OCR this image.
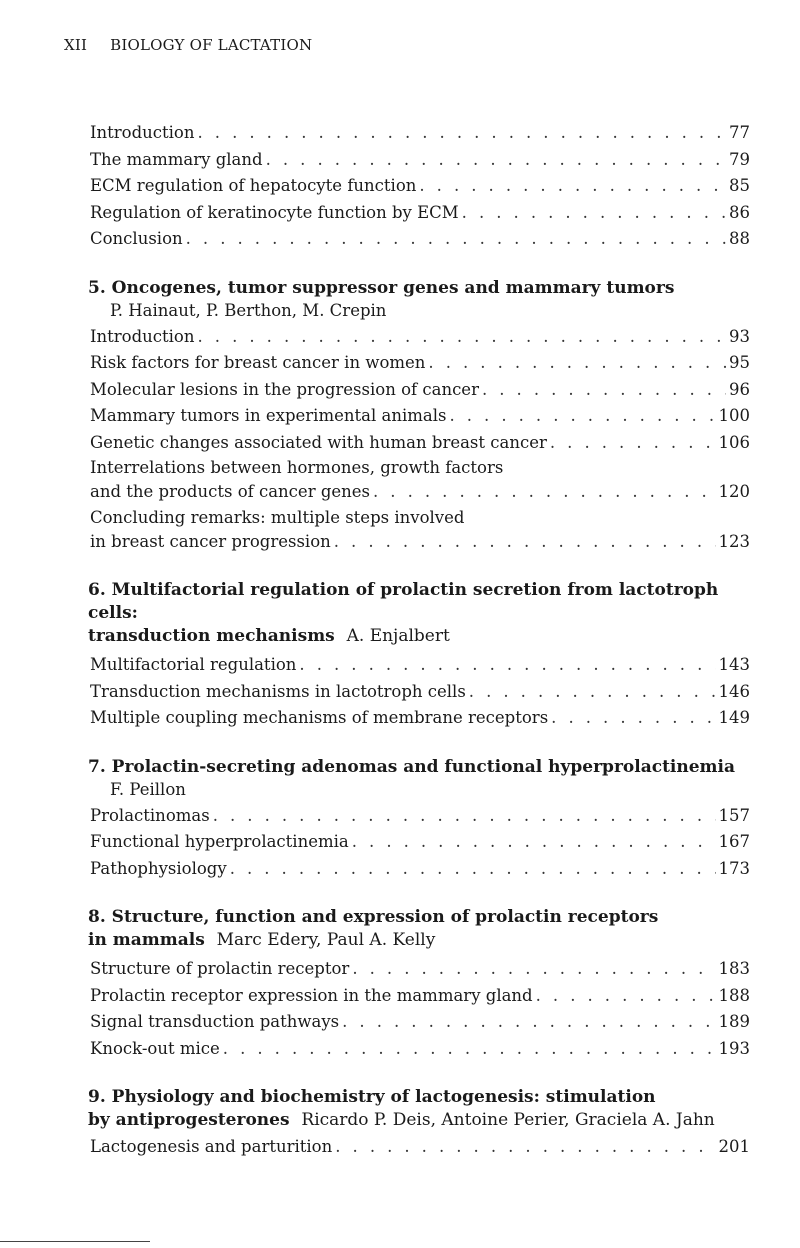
XII BIOLOGY OF LACTATION
Introduction . . .	77
The mammary gland . . .	79
ECM regulation of hepatocyte function . . .	85
Regulation of keratinocyte function by ECM . . .	86
Conclusion . . .	88
5. Oncogenes, tumor suppressor genes and mammary tumors
P. Hainaut, P. Berthon, M. Crepin
Introduction . . .	93
Risk factors for breast cancer in women . . .	95
Molecular lesions in the progression of cancer . . .	96
Mammary tumors in experimental animals . . .	100
Genetic changes associated with human breast cancer . . .	106
Interrelations between hormones, growth factors
and the products of cancer genes . . .	120
Concluding remarks: multiple steps involved
in breast cancer progression . . .	123
6. Multifactorial regulation of prolactin secretion from lactotroph cells:
transduction mechanisms A. Enjalbert
Multifactorial regulation . . .	143
Transduction mechanisms in lactotroph cells . . .	146
Multiple coupling mechanisms of membrane receptors . . .	149
7. Prolactin-secreting adenomas and functional hyperprolactinemia
F. Peillon
Prolactinomas . . .	157
Functional hyperprolactinemia . . .	167
Pathophysiology . . .	173
8. Structure, function and expression of prolactin receptors
in mammals Marc Edery, Paul A. Kelly
Structure of prolactin receptor . . .	183
Prolactin receptor expression in the mammary gland . . .	188
Signal transduction pathways . . .	189
Knock-out mice . . .	193
9. Physiology and biochemistry of lactogenesis: stimulation
by antiprogesterones Ricardo P. Deis, Antoine Perier, Graciela A. Jahn
Lactogenesis and parturition . . .	201
